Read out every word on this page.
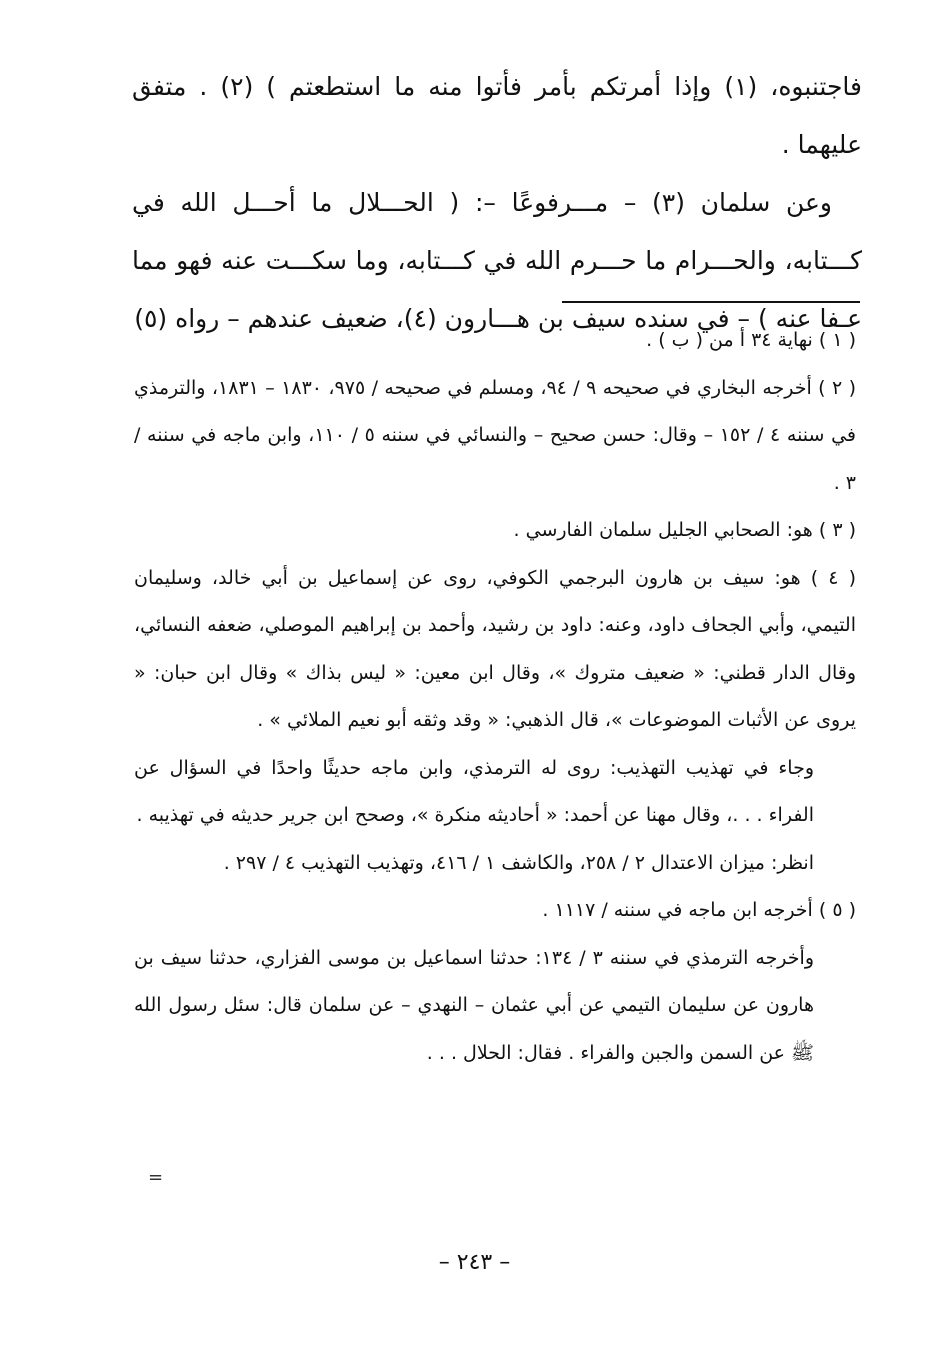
فاجتنبوه، (١) وإذا أمرتكم بأمر فأتوا منه ما استطعتم ) (٢) . متفق عليهما .

وعن سلمان (٣) – مـــرفوعًا –: ( الحـــلال ما أحـــل الله في كـــتابه، والحـــرام ما حـــرم الله في كـــتابه، وما سكـــت عنه فهو مما عـفا عنه ) – في سنده سيف بن هـــارون (٤)، ضعيف عندهم – رواه (٥)

( ١ ) نهاية ٣٤ أ من ( ب ) .

( ٢ ) أخرجه البخاري في صحيحه ٩ / ٩٤، ومسلم في صحيحه / ٩٧٥، ١٨٣٠ – ١٨٣١، والترمذي في سننه ٤ / ١٥٢ – وقال: حسن صحيح – والنسائي في سننه ٥ / ١١٠، وابن ماجه في سننه / ٣ .

( ٣ ) هو: الصحابي الجليل سلمان الفارسي .

( ٤ ) هو: سيف بن هارون البرجمي الكوفي، روى عن إسماعيل بن أبي خالد، وسليمان التيمي، وأبي الجحاف داود، وعنه: داود بن رشيد، وأحمد بن إبراهيم الموصلي، ضعفه النسائي، وقال الدار قطني: « ضعيف متروك »، وقال ابن معين: « ليس بذاك » وقال ابن حبان: « يروى عن الأثبات الموضوعات »، قال الذهبي: « وقد وثقه أبو نعيم الملائي » .

وجاء في تهذيب التهذيب: روى له الترمذي، وابن ماجه حديثًا واحدًا في السؤال عن الفراء . . .، وقال مهنا عن أحمد: « أحاديثه منكرة »، وصحح ابن جرير حديثه في تهذيبه .

انظر: ميزان الاعتدال ٢ / ٢٥٨، والكاشف ١ / ٤١٦، وتهذيب التهذيب ٤ / ٢٩٧ .

( ٥ ) أخرجه ابن ماجه في سننه / ١١١٧ .

وأخرجه الترمذي في سننه ٣ / ١٣٤: حدثنا اسماعيل بن موسى الفزاري، حدثنا سيف بن هارون عن سليمان التيمي عن أبي عثمان – النهدي – عن سلمان قال: سئل رسول الله ﷺ عن السمن والجبن والفراء . فقال: الحلال . . .

=
– ٢٤٣ –
